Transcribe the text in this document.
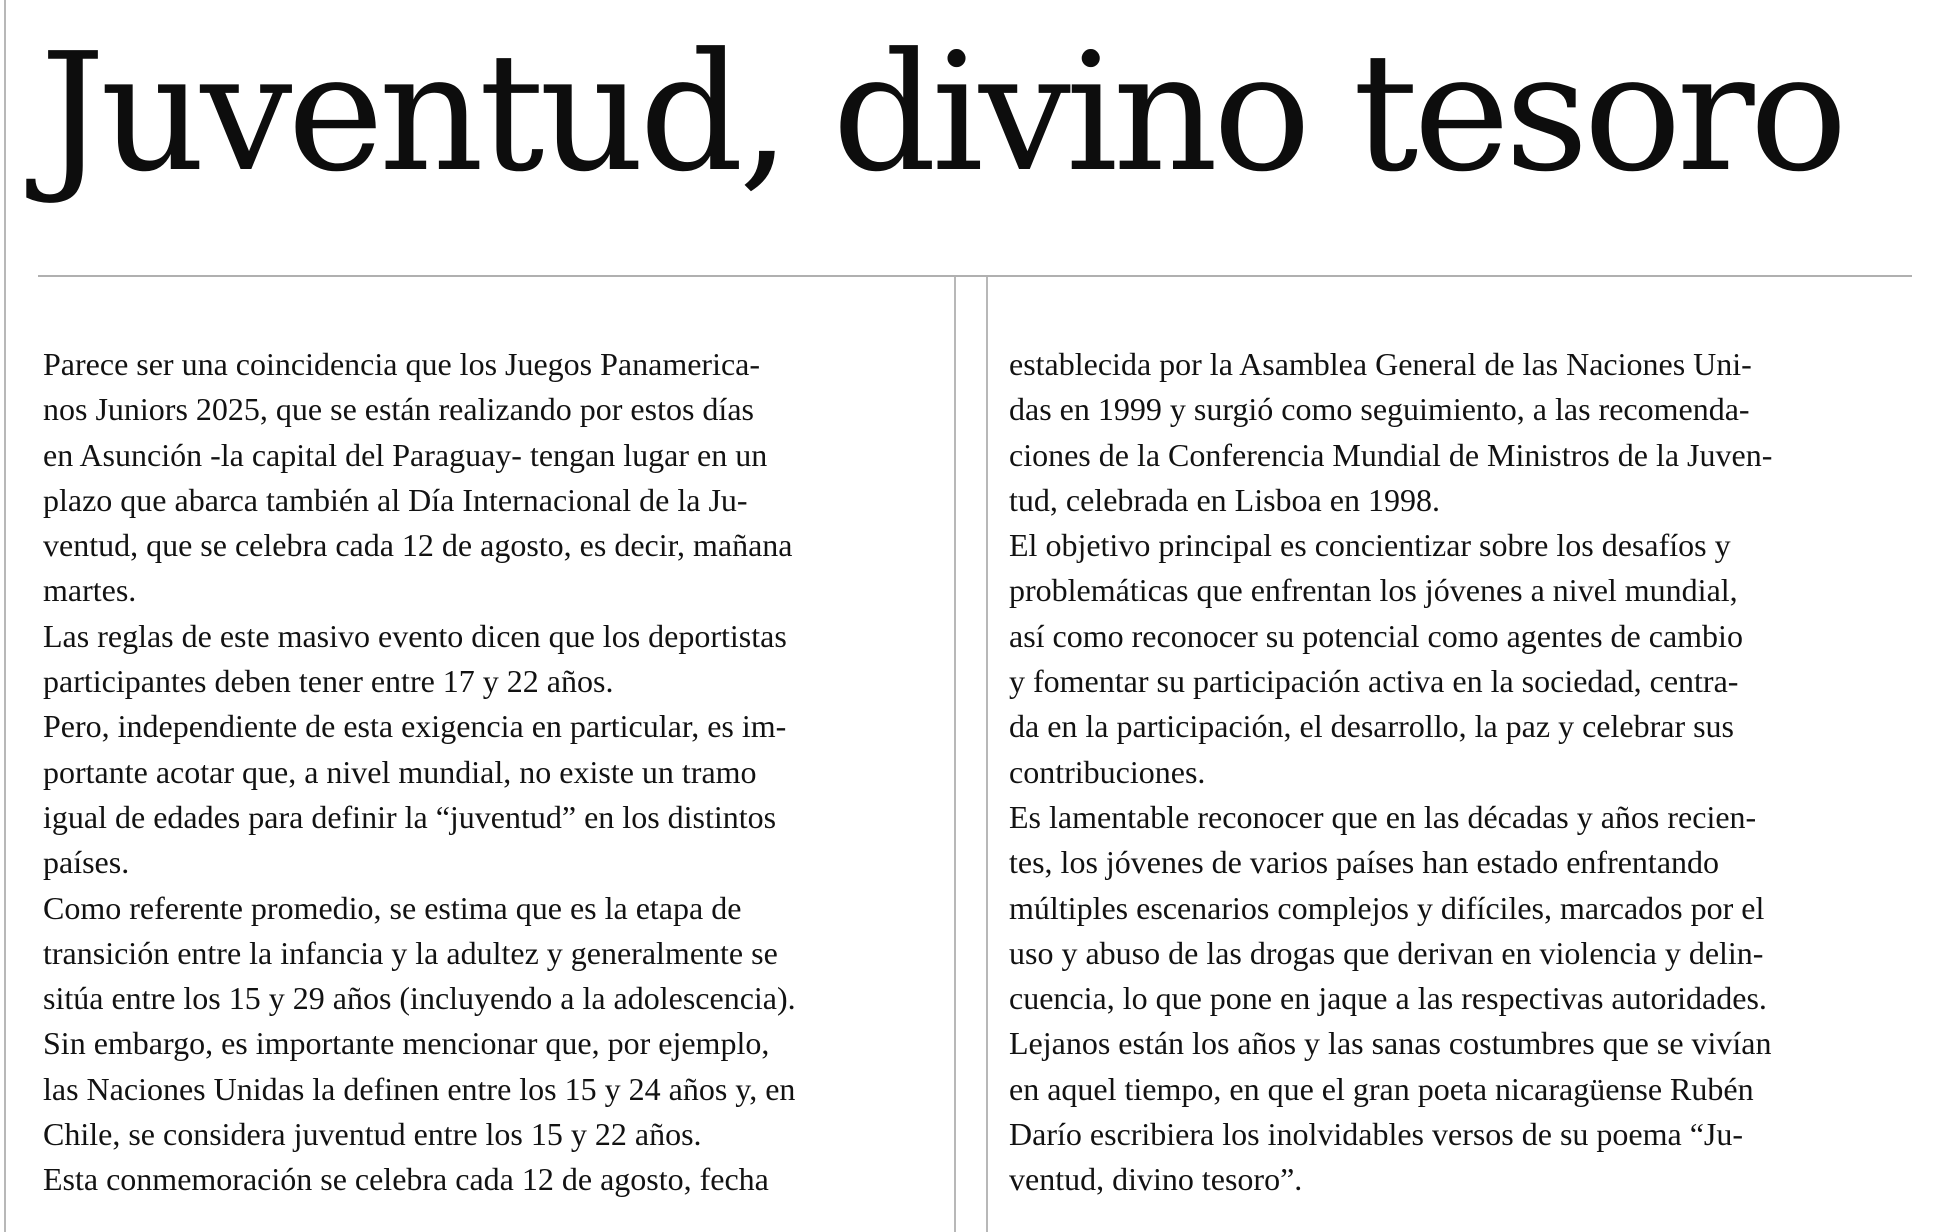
Juventud, divino tesoro
Parece ser una coincidencia que los Juegos Panamerica-
nos Juniors 2025, que se están realizando por estos días
en Asunción -la capital del Paraguay- tengan lugar en un
plazo que abarca también al Día Internacional de la Ju-
ventud, que se celebra cada 12 de agosto, es decir, mañana
martes.
Las reglas de este masivo evento dicen que los deportistas
participantes deben tener entre 17 y 22 años.
Pero, independiente de esta exigencia en particular, es im-
portante acotar que, a nivel mundial, no existe un tramo
igual de edades para definir la “juventud” en los distintos
países.
Como referente promedio, se estima que es la etapa de
transición entre la infancia y la adultez y generalmente se
sitúa entre los 15 y 29 años (incluyendo a la adolescencia).
Sin embargo, es importante mencionar que, por ejemplo,
las Naciones Unidas la definen entre los 15 y 24 años y, en
Chile, se considera juventud entre los 15 y 22 años.
Esta conmemoración se celebra cada 12 de agosto, fecha
establecida por la Asamblea General de las Naciones Uni-
das en 1999 y surgió como seguimiento, a las recomenda-
ciones de la Conferencia Mundial de Ministros de la Juven-
tud, celebrada en Lisboa en 1998.
El objetivo principal es concientizar sobre los desafíos y
problemáticas que enfrentan los jóvenes a nivel mundial,
así como reconocer su potencial como agentes de cambio
y fomentar su participación activa en la sociedad, centra-
da en la participación, el desarrollo, la paz y celebrar sus
contribuciones.
Es lamentable reconocer que en las décadas y años recien-
tes, los jóvenes de varios países han estado enfrentando
múltiples escenarios complejos y difíciles, marcados por el
uso y abuso de las drogas que derivan en violencia y delin-
cuencia, lo que pone en jaque a las respectivas autoridades.
Lejanos están los años y las sanas costumbres que se vivían
en aquel tiempo, en que el gran poeta nicaragüense Rubén
Darío escribiera los inolvidables versos de su poema “Ju-
ventud, divino tesoro”.
